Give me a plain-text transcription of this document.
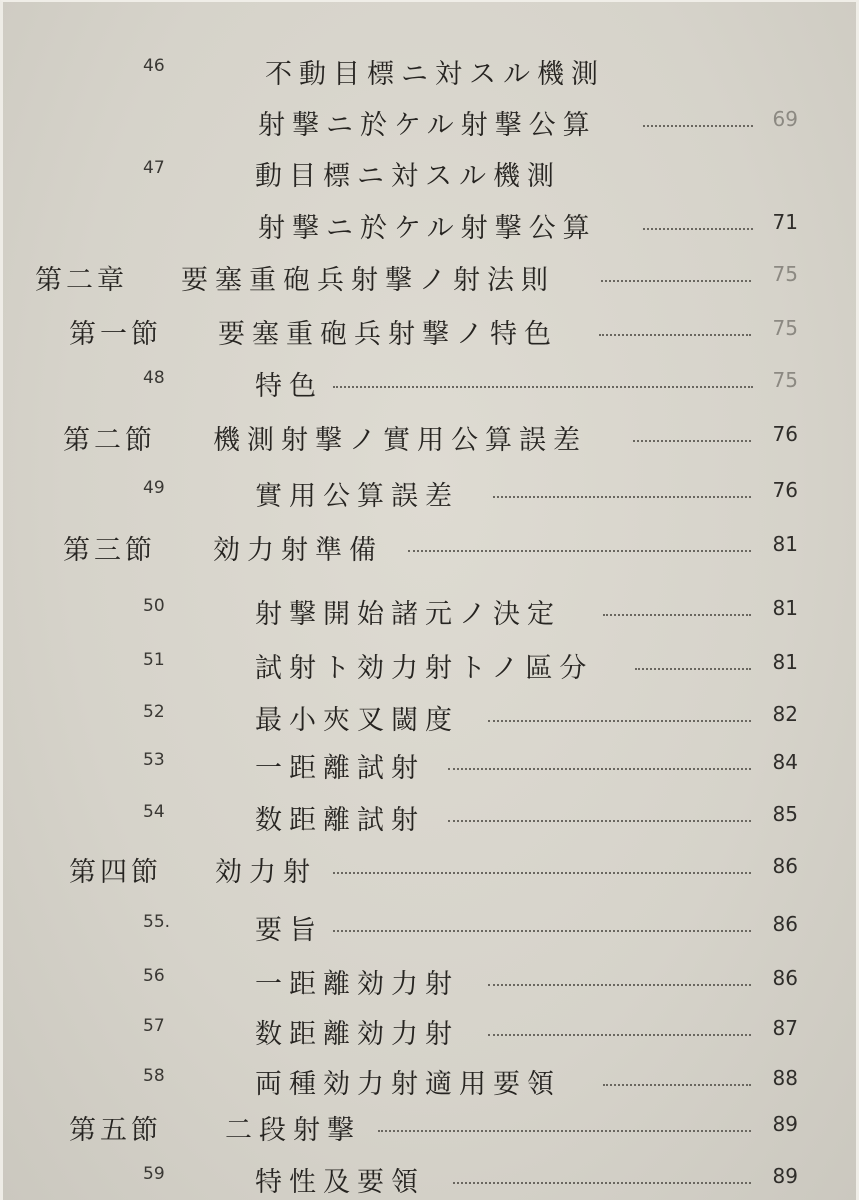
46	不動目標ニ対スル機測
射撃ニ於ケル射撃公算	69
47	動目標ニ対スル機測
射撃ニ於ケル射撃公算	71
第二章 要塞重砲兵射撃ノ射法則	75
第一節 要塞重砲兵射撃ノ特色	75
48	特色	75
第二節 機測射撃ノ實用公算誤差	76
49	實用公算誤差	76
第三節 効力射準備	81
50	射撃開始諸元ノ決定	81
51	試射ト効力射トノ區分	81
52	最小夾叉閾度	82
53	一距離試射	84
54	数距離試射	85
第四節 効力射	86
55.	要旨	86
56	一距離効力射	86
57	数距離効力射	87
58	両種効力射適用要領	88
第五節 二段射撃	89
59	特性及要領	89
